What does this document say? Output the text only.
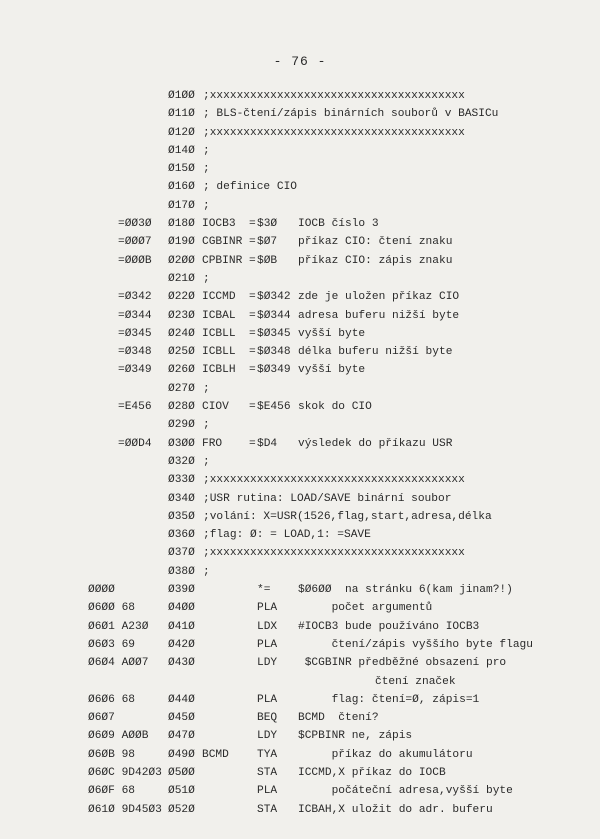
- 76 -
Ø1ØØ ;xxxxxxxxxxxxxxxxxxxxxxxxxxxxxxxxxxxxxx
Ø11Ø ; BLS-čtení/zápis binárních souborů v BASICu
Ø12Ø ;xxxxxxxxxxxxxxxxxxxxxxxxxxxxxxxxxxxxxx
Ø14Ø ;
Ø15Ø ;
Ø16Ø ; definice CIO
Ø17Ø ;
=ØØ3Ø Ø18Ø IOCB3  = $3Ø IOCB číslo 3
=ØØØ7 Ø19Ø CGBINR = $Ø7 příkaz CIO: čtení znaku
=ØØØB Ø2ØØ CPBINR = $ØB příkaz CIO: zápis znaku
Ø21Ø ;
=Ø342 Ø22Ø ICCMD  = $Ø342 zde je uložen příkaz CIO
=Ø344 Ø23Ø ICBAL  = $Ø344 adresa buferu nižší byte
=Ø345 Ø24Ø ICBLL  = $Ø345 vyšší byte
=Ø348 Ø25Ø ICBLL  = $Ø348 délka buferu nižší byte
=Ø349 Ø26Ø ICBLH  = $Ø349 vyšší byte
Ø27Ø ;
=E456 Ø28Ø CIOV   = $E456 skok do CIO
Ø29Ø ;
=ØØD4 Ø3ØØ FRO    = $D4 výsledek do příkazu USR
Ø32Ø ;
Ø33Ø ;xxxxxxxxxxxxxxxxxxxxxxxxxxxxxxxxxxxxxx
Ø34Ø ;USR rutina: LOAD/SAVE binární soubor
Ø35Ø ;volání: X=USR(1526,flag,start,adresa,délka
Ø36Ø ;flag: Ø: = LOAD,1: =SAVE
Ø37Ø ;xxxxxxxxxxxxxxxxxxxxxxxxxxxxxxxxxxxxxx
Ø38Ø ;
ØØØØ	Ø39Ø	*= $Ø6ØØ  na stránku 6(kam jinam?!)
Ø6ØØ 68	Ø4ØØ	PLA počet argumentů
Ø6Ø1 A23Ø Ø41Ø	LDX #IOCB3 bude používáno IOCB3
Ø6Ø3 69	Ø42Ø	PLA čtení/zápis vyššího byte flagu
Ø6Ø4 AØØ7 Ø43Ø	LDY $CGBINR předběžné obsazení pro
čtení značek
Ø6Ø6 68	Ø44Ø	PLA flag: čtení=Ø, zápis=1
Ø6Ø7	Ø45Ø	BEQ BCMD  čtení?
Ø6Ø9 AØØB Ø47Ø	LDY $CPBINR ne, zápis
Ø6ØB 98	Ø49Ø BCMD	TYA příkaz do akumulátoru
Ø6ØC 9D42Ø3 Ø5ØØ	STA ICCMD,X příkaz do IOCB
Ø6ØF 68	Ø51Ø	PLA počáteční adresa,vyšší byte
Ø61Ø 9D45Ø3 Ø52Ø	STA ICBAH,X uložit do adr. buferu
